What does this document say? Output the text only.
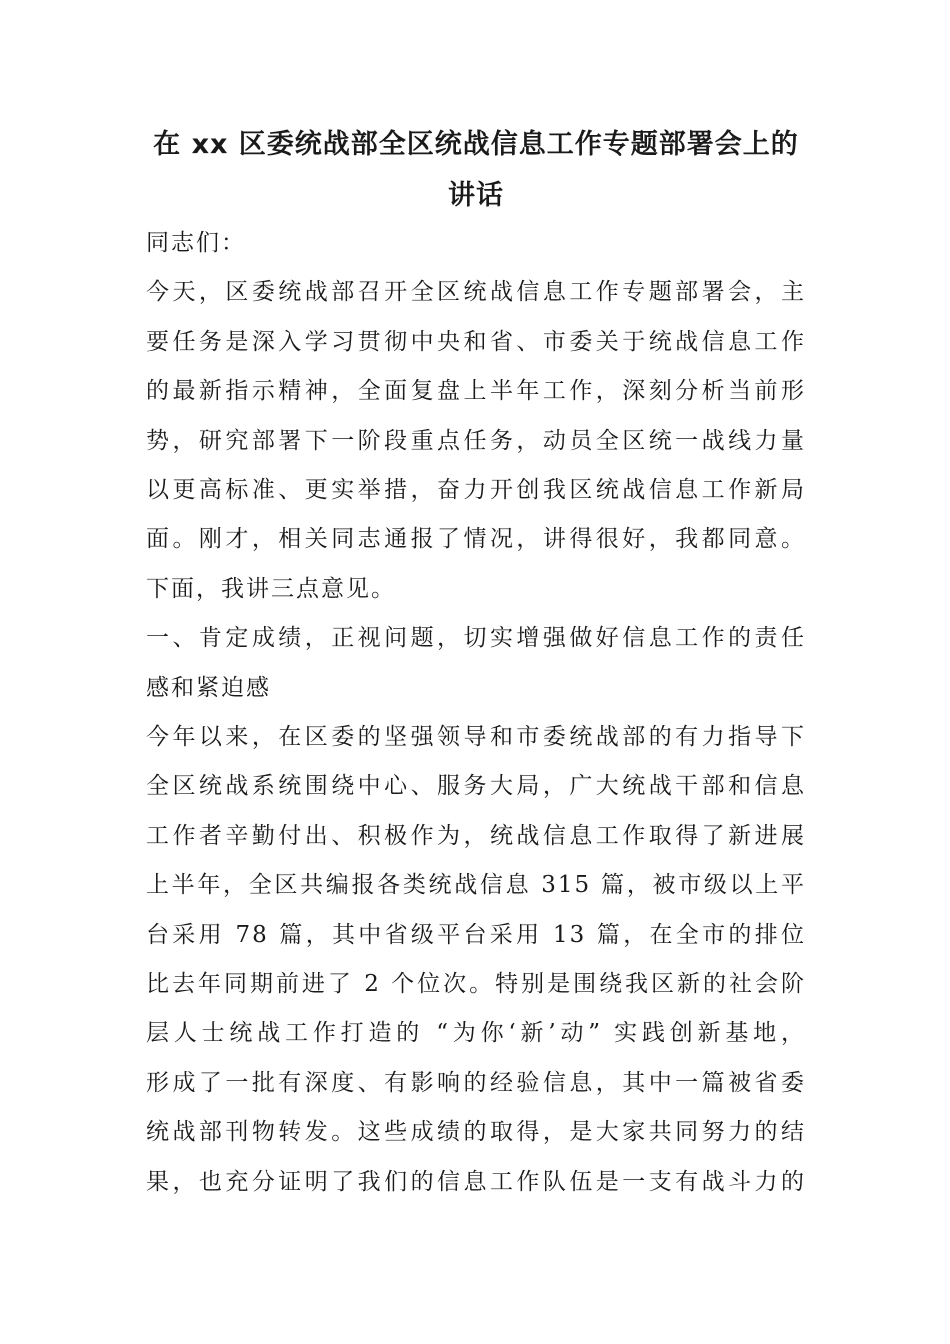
在 xx 区委统战部全区统战信息工作专题部署会上的
讲话
同志们：
今天，区委统战部召开全区统战信息工作专题部署会，主
要任务是深入学习贯彻中央和省、市委关于统战信息工作
的最新指示精神，全面复盘上半年工作，深刻分析当前形
势，研究部署下一阶段重点任务，动员全区统一战线力量
以更高标准、更实举措，奋力开创我区统战信息工作新局
面。刚才，相关同志通报了情况，讲得很好，我都同意。
下面，我讲三点意见。
一、肯定成绩，正视问题，切实增强做好信息工作的责任
感和紧迫感
今年以来，在区委的坚强领导和市委统战部的有力指导下
全区统战系统围绕中心、服务大局，广大统战干部和信息
工作者辛勤付出、积极作为，统战信息工作取得了新进展
上半年，全区共编报各类统战信息 315 篇，被市级以上平
台采用 78 篇，其中省级平台采用 13 篇，在全市的排位
比去年同期前进了 2 个位次。特别是围绕我区新的社会阶
层人士统战工作打造的 “为你‘新’动” 实践创新基地，
形成了一批有深度、有影响的经验信息，其中一篇被省委
统战部刊物转发。这些成绩的取得，是大家共同努力的结
果，也充分证明了我们的信息工作队伍是一支有战斗力的
